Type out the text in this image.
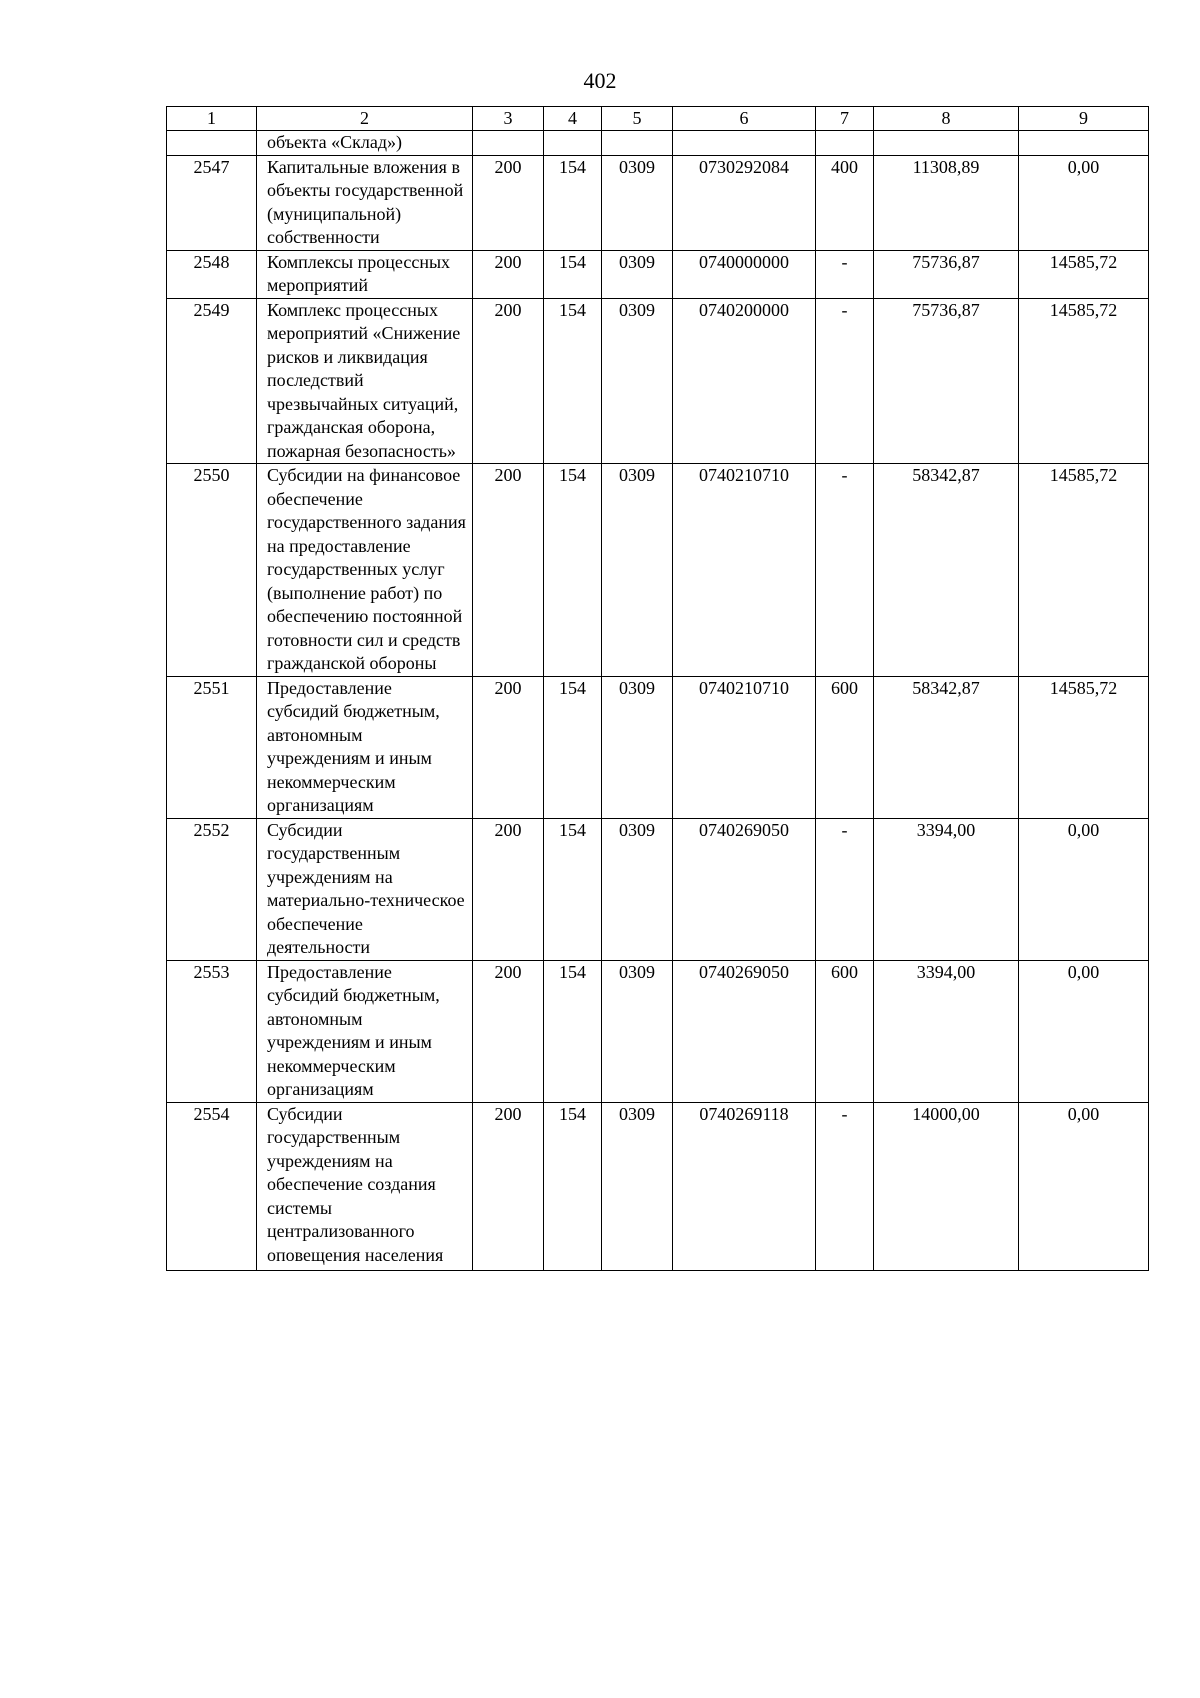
402
1	2	3	4	5	6	7	8	9
	объекта «Склад»)							
2547	Капитальные вложения в объекты государственной (муниципальной) собственности	200	154	0309	0730292084	400	11308,89	0,00
2548	Комплексы процессных мероприятий	200	154	0309	0740000000	-	75736,87	14585,72
2549	Комплекс процессных мероприятий «Снижение рисков и ликвидация последствий чрезвычайных ситуаций, гражданская оборона, пожарная безопасность»	200	154	0309	0740200000	-	75736,87	14585,72
2550	Субсидии на финансовое обеспечение государственного задания на предоставление государственных услуг (выполнение работ) по обеспечению постоянной готовности сил и средств гражданской обороны	200	154	0309	0740210710	-	58342,87	14585,72
2551	Предоставление субсидий бюджетным, автономным учреждениям и иным некоммерческим организациям	200	154	0309	0740210710	600	58342,87	14585,72
2552	Субсидии государственным учреждениям на материально-техническое обеспечение деятельности	200	154	0309	0740269050	-	3394,00	0,00
2553	Предоставление субсидий бюджетным, автономным учреждениям и иным некоммерческим организациям	200	154	0309	0740269050	600	3394,00	0,00
2554	Субсидии государственным учреждениям на обеспечение создания системы централизованного оповещения населения	200	154	0309	0740269118	-	14000,00	0,00
